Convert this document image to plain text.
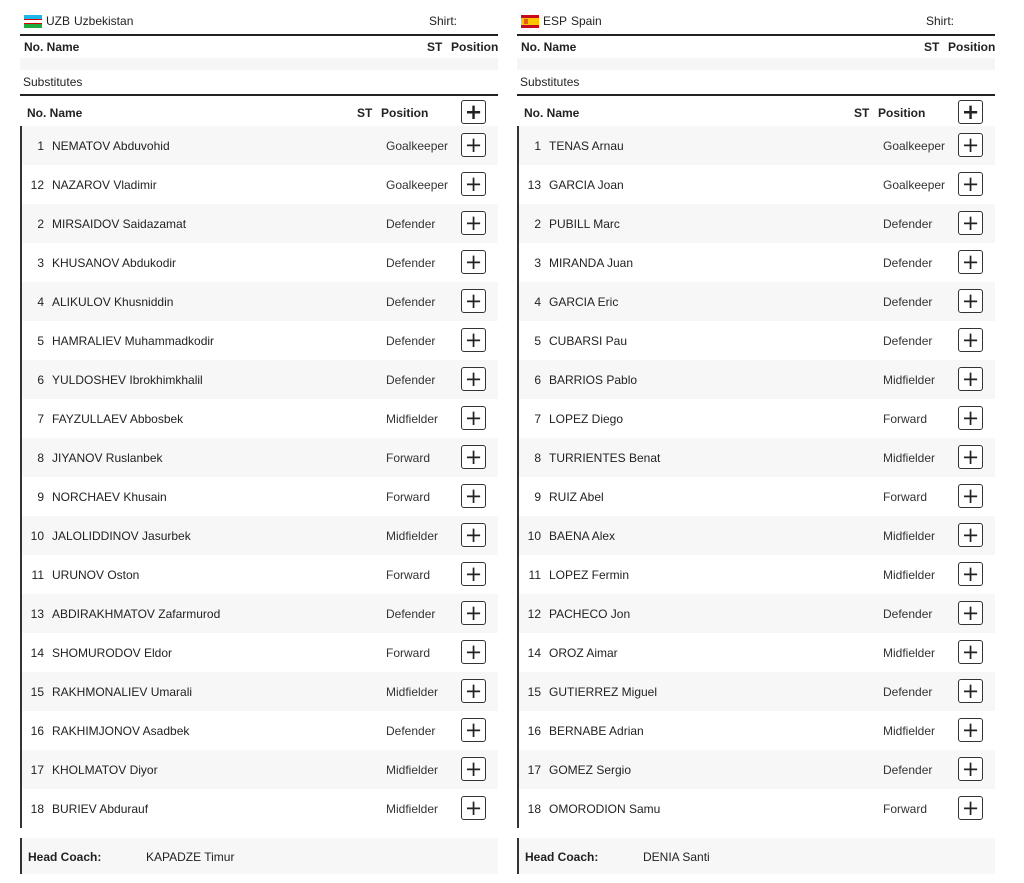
UZB Uzbekistan	Shirt:
No. Name	ST Position
Substitutes
No. Name	ST Position +
1 NEMATOV Abduvohid	Goalkeeper +
12 NAZAROV Vladimir	Goalkeeper +
2 MIRSAIDOV Saidazamat	Defender +
3 KHUSANOV Abdukodir	Defender +
4 ALIKULOV Khusniddin	Defender +
5 HAMRALIEV Muhammadkodir	Defender +
6 YULDOSHEV Ibrokhimkhalil	Defender +
7 FAYZULLAEV Abbosbek	Midfielder +
8 JIYANOV Ruslanbek	Forward +
9 NORCHAEV Khusain	Forward +
10 JALOLIDDINOV Jasurbek	Midfielder +
11 URUNOV Oston	Forward +
13 ABDIRAKHMATOV Zafarmurod	Defender +
14 SHOMURODOV Eldor	Forward +
15 RAKHMONALIEV Umarali	Midfielder +
16 RAKHIMJONOV Asadbek	Defender +
17 KHOLMATOV Diyor	Midfielder +
18 BURIEV Abdurauf	Midfielder +
Head Coach:	KAPADZE Timur
ESP Spain	Shirt:
No. Name	ST Position
Substitutes
No. Name	ST Position +
1 TENAS Arnau	Goalkeeper +
13 GARCIA Joan	Goalkeeper +
2 PUBILL Marc	Defender +
3 MIRANDA Juan	Defender +
4 GARCIA Eric	Defender +
5 CUBARSI Pau	Defender +
6 BARRIOS Pablo	Midfielder +
7 LOPEZ Diego	Forward +
8 TURRIENTES Benat	Midfielder +
9 RUIZ Abel	Forward +
10 BAENA Alex	Midfielder +
11 LOPEZ Fermin	Midfielder +
12 PACHECO Jon	Defender +
14 OROZ Aimar	Midfielder +
15 GUTIERREZ Miguel	Defender +
16 BERNABE Adrian	Midfielder +
17 GOMEZ Sergio	Defender +
18 OMORODION Samu	Forward +
Head Coach:	DENIA Santi
